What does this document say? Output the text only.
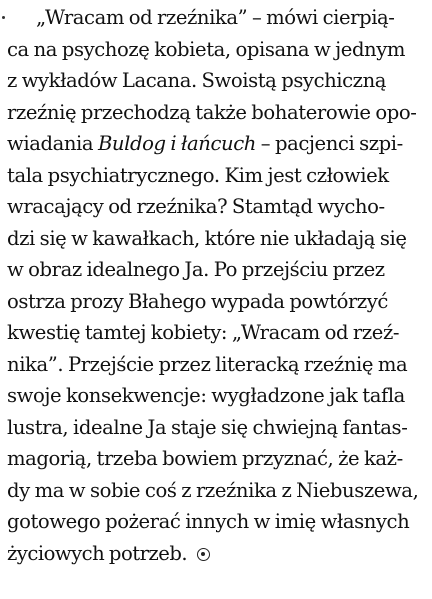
„Wracam od rzeźnika” – mówi cierpią-
ca na psychozę kobieta, opisana w jednym
z wykładów Lacana. Swoistą psychiczną
rzeźnię przechodzą także bohaterowie opo-
wiadania Buldog i łańcuch – pacjenci szpi-
tala psychiatrycznego. Kim jest człowiek
wracający od rzeźnika? Stamtąd wycho-
dzi się w kawałkach, które nie układają się
w obraz idealnego Ja. Po przejściu przez
ostrza prozy Błahego wypada powtórzyć
kwestię tamtej kobiety: „Wracam od rzeź-
nika”. Przejście przez literacką rzeźnię ma
swoje konsekwencje: wygładzone jak tafla
lustra, idealne Ja staje się chwiejną fantas-
magorią, trzeba bowiem przyznać, że każ-
dy ma w sobie coś z rzeźnika z Niebuszewa,
gotowego pożerać innych w imię własnych
życiowych potrzeb.
